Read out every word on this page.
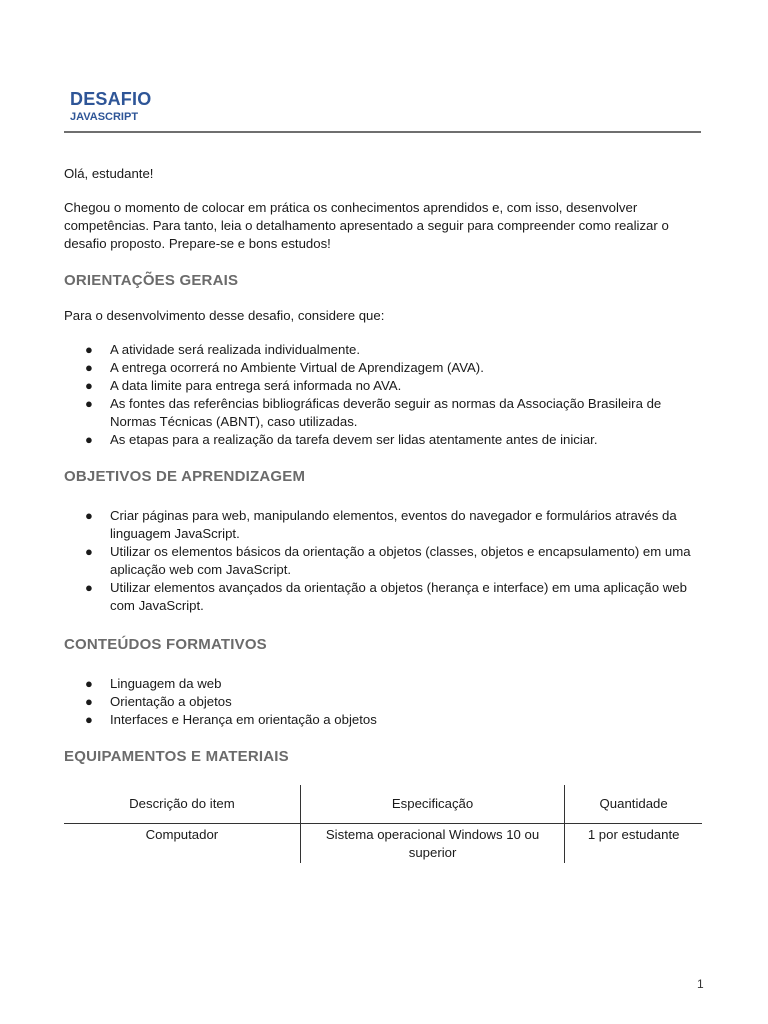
DESAFIO
JAVASCRIPT

Olá, estudante!

Chegou o momento de colocar em prática os conhecimentos aprendidos e, com isso, desenvolver competências. Para tanto, leia o detalhamento apresentado a seguir para compreender como realizar o desafio proposto. Prepare-se e bons estudos!

ORIENTAÇÕES GERAIS

Para o desenvolvimento desse desafio, considere que:

● A atividade será realizada individualmente.
● A entrega ocorrerá no Ambiente Virtual de Aprendizagem (AVA).
● A data limite para entrega será informada no AVA.
● As fontes das referências bibliográficas deverão seguir as normas da Associação Brasileira de Normas Técnicas (ABNT), caso utilizadas.
● As etapas para a realização da tarefa devem ser lidas atentamente antes de iniciar.
OBJETIVOS DE APRENDIZAGEM
● Criar páginas para web, manipulando elementos, eventos do navegador e formulários através da linguagem JavaScript.
● Utilizar os elementos básicos da orientação a objetos (classes, objetos e encapsulamento) em uma aplicação web com JavaScript.
● Utilizar elementos avançados da orientação a objetos (herança e interface) em uma aplicação web com JavaScript.
CONTEÚDOS FORMATIVOS
● Linguagem da web
● Orientação a objetos
● Interfaces e Herança em orientação a objetos
EQUIPAMENTOS E MATERIAIS
Descrição do item	Especificação	Quantidade
Computador	Sistema operacional Windows 10 ou superior	1 por estudante
1
